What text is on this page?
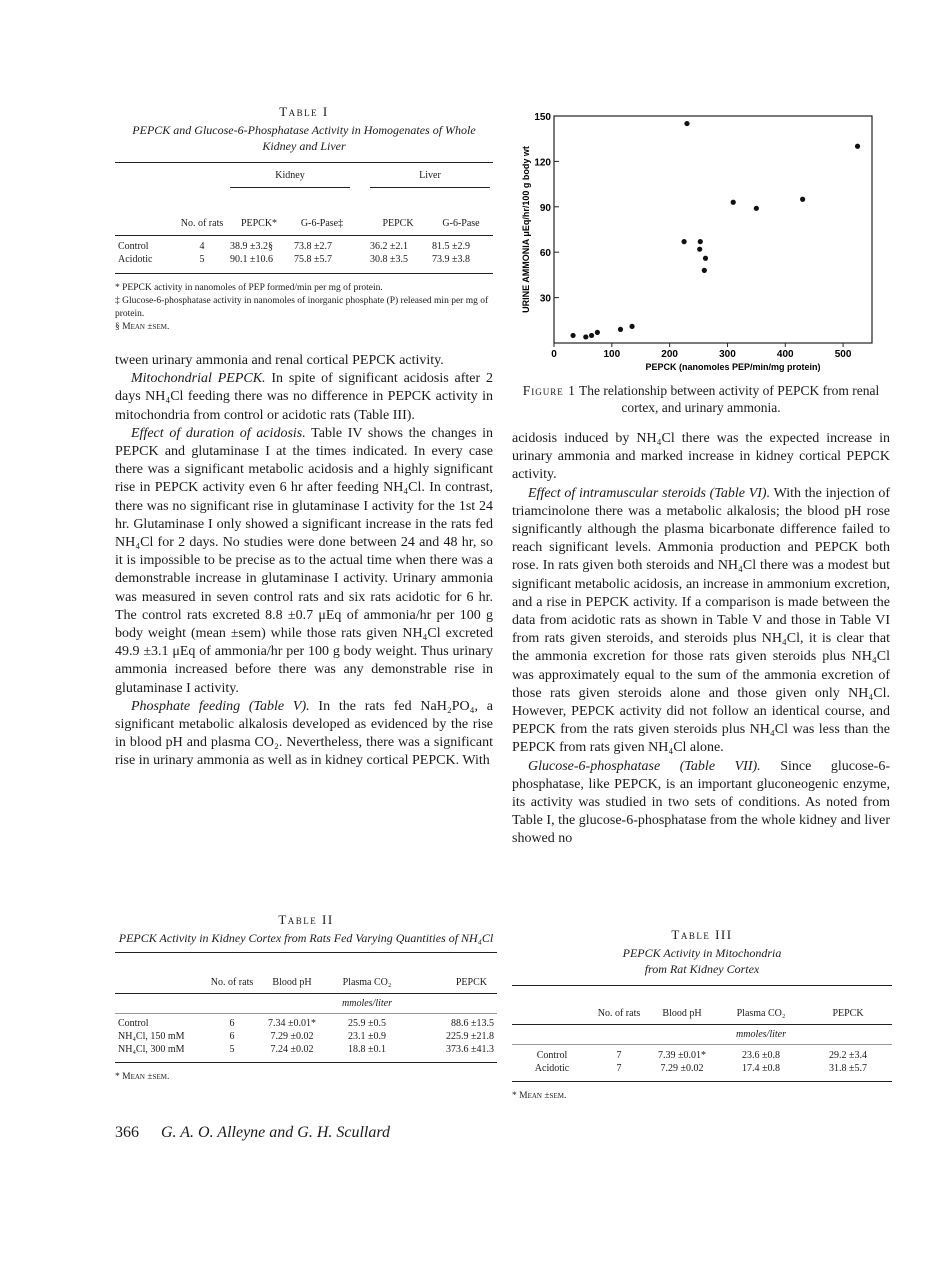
Table I
PEPCK and Glucose-6-Phosphatase Activity in Homogenates of Whole Kidney and Liver

		Kidney			Liver	

	No. of rats	PEPCK*	G-6-Pase‡		PEPCK	G-6-Pase

Control	4	38.9 ±3.2§	73.8 ±2.7		36.2 ±2.1	81.5 ±2.9
Acidotic	5	90.1 ±10.6	75.8 ±5.7		30.8 ±3.5	73.9 ±3.8

* PEPCK activity in nanomoles of PEP formed/min per mg of protein.
‡ Glucose-6-phosphatase activity in nanomoles of inorganic phosphate (P) released min per mg of protein.
§ Mean ±sem.
30
60
90
120
150
0	100	200	300	400	500
PEPCK (nanomoles PEP/min/mg protein)
URINE AMMONIA μEq/hr/100 g body wt
Figure 1 The relationship between activity of PEPCK from renal cortex, and urinary ammonia.

tween urinary ammonia and renal cortical PEPCK activity.

Mitochondrial PEPCK. In spite of significant acidosis after 2 days NH₄Cl feeding there was no difference in PEPCK activity in mitochondria from control or acidotic rats (Table III).

Effect of duration of acidosis. Table IV shows the changes in PEPCK and glutaminase I at the times indicated. In every case there was a significant metabolic acidosis and a highly significant rise in PEPCK activity even 6 hr after feeding NH₄Cl. In contrast, there was no significant rise in glutaminase I activity for the 1st 24 hr. Glutaminase I only showed a significant increase in the rats fed NH₄Cl for 2 days. No studies were done between 24 and 48 hr, so it is impossible to be precise as to the actual time when there was a demonstrable increase in glutaminase I activity. Urinary ammonia was measured in seven control rats and six rats acidotic for 6 hr. The control rats excreted 8.8 ±0.7 μEq of ammonia/hr per 100 g body weight (mean ±sem) while those rats given NH₄Cl excreted 49.9 ±3.1 μEq of ammonia/hr per 100 g body weight. Thus urinary ammonia increased before there was any demonstrable rise in glutaminase I activity.

Phosphate feeding (Table V). In the rats fed NaH₂PO₄, a significant metabolic alkalosis developed as evidenced by the rise in blood pH and plasma CO₂. Nevertheless, there was a significant rise in urinary ammonia as well as in kidney cortical PEPCK. With

acidosis induced by NH₄Cl there was the expected increase in urinary ammonia and marked increase in kidney cortical PEPCK activity.

Effect of intramuscular steroids (Table VI). With the injection of triamcinolone there was a metabolic alkalosis; the blood pH rose significantly although the plasma bicarbonate difference failed to reach significant levels. Ammonia production and PEPCK both rose. In rats given both steroids and NH₄Cl there was a modest but significant metabolic acidosis, an increase in ammonium excretion, and a rise in PEPCK activity. If a comparison is made between the data from acidotic rats as shown in Table V and those in Table VI from rats given steroids, and steroids plus NH₄Cl, it is clear that the ammonia excretion for those rats given steroids plus NH₄Cl was approximately equal to the sum of the ammonia excretion of those rats given steroids alone and those given only NH₄Cl. However, PEPCK activity did not follow an identical course, and PEPCK from the rats given steroids plus NH₄Cl was less than the PEPCK from rats given NH₄Cl alone.

Glucose-6-phosphatase (Table VII). Since glucose-6-phosphatase, like PEPCK, is an important gluconeogenic enzyme, its activity was studied in two sets of conditions. As noted from Table I, the glucose-6-phosphatase from the whole kidney and liver showed no

Table II
PEPCK Activity in Kidney Cortex from Rats Fed Varying Quantities of NH₄Cl
	No. of rats	Blood pH	Plasma CO₂	PEPCK

			mmoles/liter	

Control	6	7.34 ±0.01*	25.9 ±0.5	88.6 ±13.5
NH₄Cl, 150 mM	6	7.29 ±0.02	23.1 ±0.9	225.9 ±21.8
NH₄Cl, 300 mM	5	7.24 ±0.02	18.8 ±0.1	373.6 ±41.3

* Mean ±sem.
Table III
PEPCK Activity in Mitochondria from Rat Kidney Cortex
	No. of rats	Blood pH	Plasma CO₂	PEPCK

			mmoles/liter	

Control	7	7.39 ±0.01*	23.6 ±0.8	29.2 ±3.4
Acidotic	7	7.29 ±0.02	17.4 ±0.8	31.8 ±5.7

* Mean ±sem.
366 G. A. O. Alleyne and G. H. Scullard
